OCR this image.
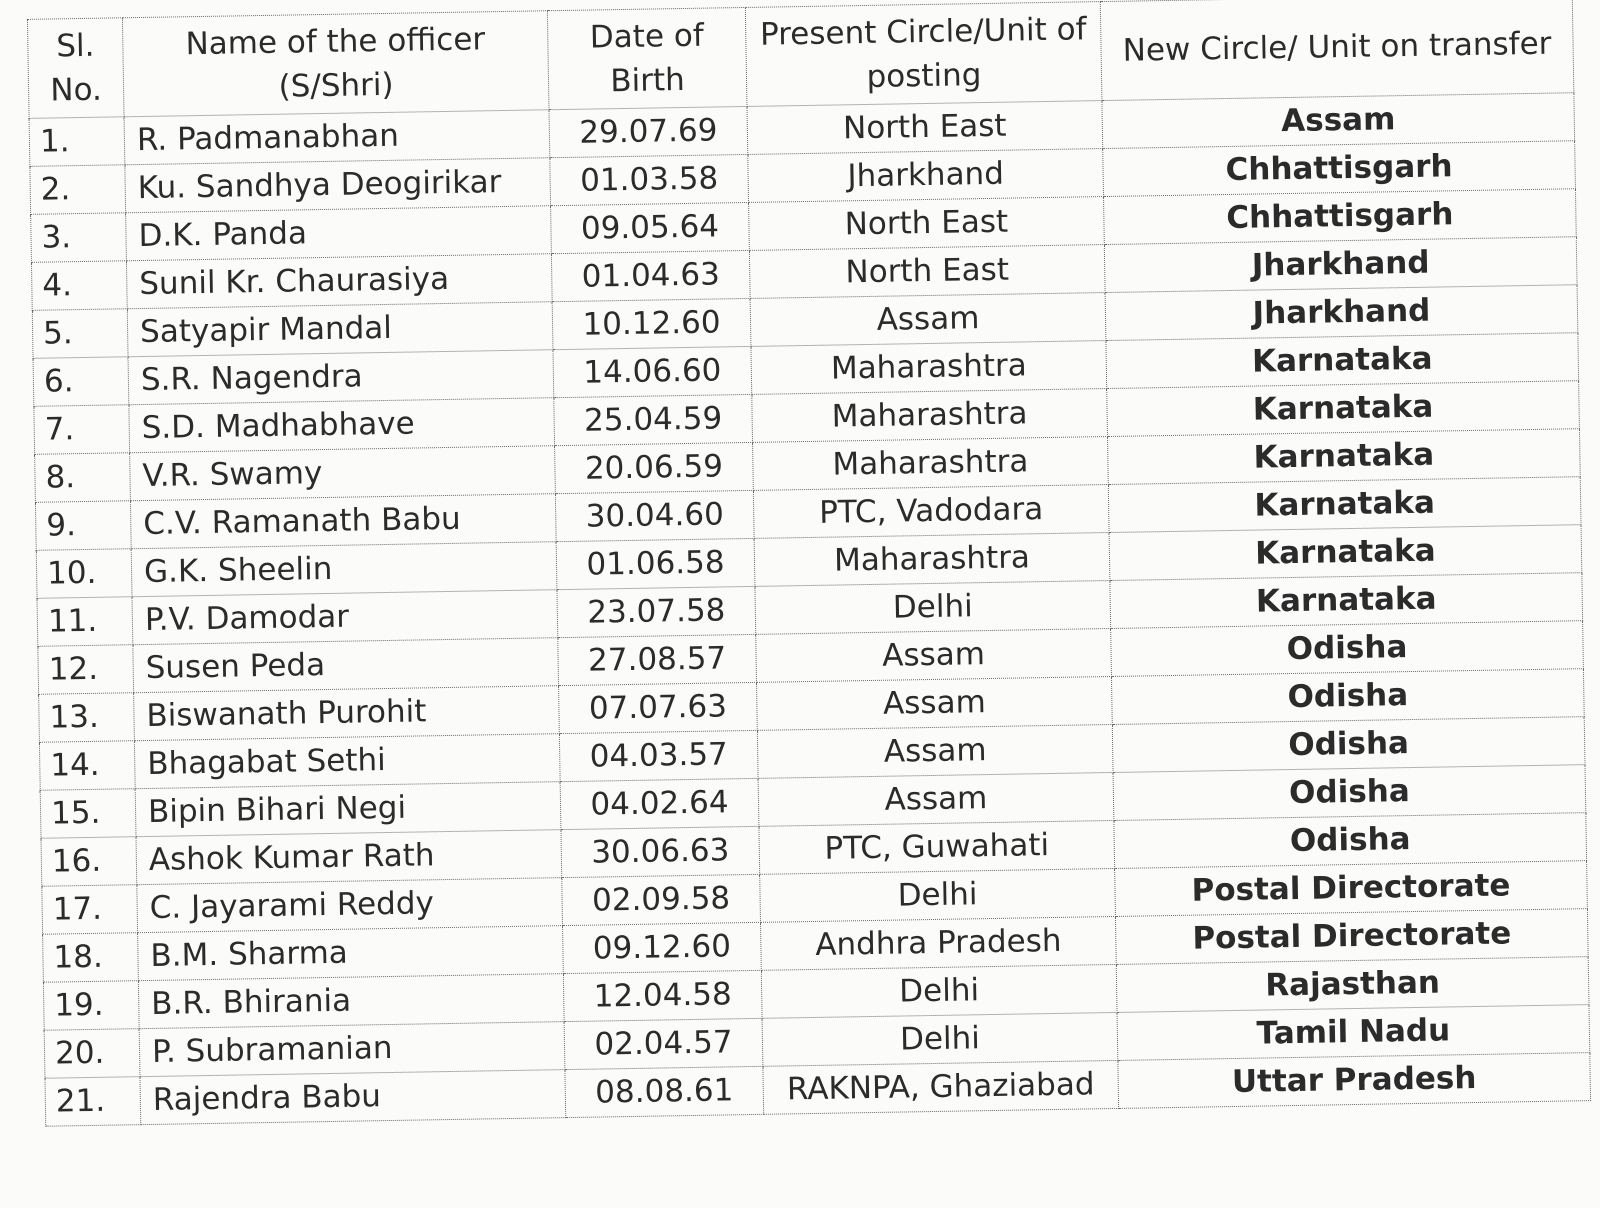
Sl. No.	Name of the officer (S/Shri)	Date of Birth	Present Circle/Unit of posting	New Circle/ Unit on transfer
1.	R. Padmanabhan	29.07.69	North East	Assam
2.	Ku. Sandhya Deogirikar	01.03.58	Jharkhand	Chhattisgarh
3.	D.K. Panda	09.05.64	North East	Chhattisgarh
4.	Sunil Kr. Chaurasiya	01.04.63	North East	Jharkhand
5.	Satyapir Mandal	10.12.60	Assam	Jharkhand
6.	S.R. Nagendra	14.06.60	Maharashtra	Karnataka
7.	S.D. Madhabhave	25.04.59	Maharashtra	Karnataka
8.	V.R. Swamy	20.06.59	Maharashtra	Karnataka
9.	C.V. Ramanath Babu	30.04.60	PTC, Vadodara	Karnataka
10.	G.K. Sheelin	01.06.58	Maharashtra	Karnataka
11.	P.V. Damodar	23.07.58	Delhi	Karnataka
12.	Susen Peda	27.08.57	Assam	Odisha
13.	Biswanath Purohit	07.07.63	Assam	Odisha
14.	Bhagabat Sethi	04.03.57	Assam	Odisha
15.	Bipin Bihari Negi	04.02.64	Assam	Odisha
16.	Ashok Kumar Rath	30.06.63	PTC, Guwahati	Odisha
17.	C. Jayarami Reddy	02.09.58	Delhi	Postal Directorate
18.	B.M. Sharma	09.12.60	Andhra Pradesh	Postal Directorate
19.	B.R. Bhirania	12.04.58	Delhi	Rajasthan
20.	P. Subramanian	02.04.57	Delhi	Tamil Nadu
21.	Rajendra Babu	08.08.61	RAKNPA, Ghaziabad	Uttar Pradesh
